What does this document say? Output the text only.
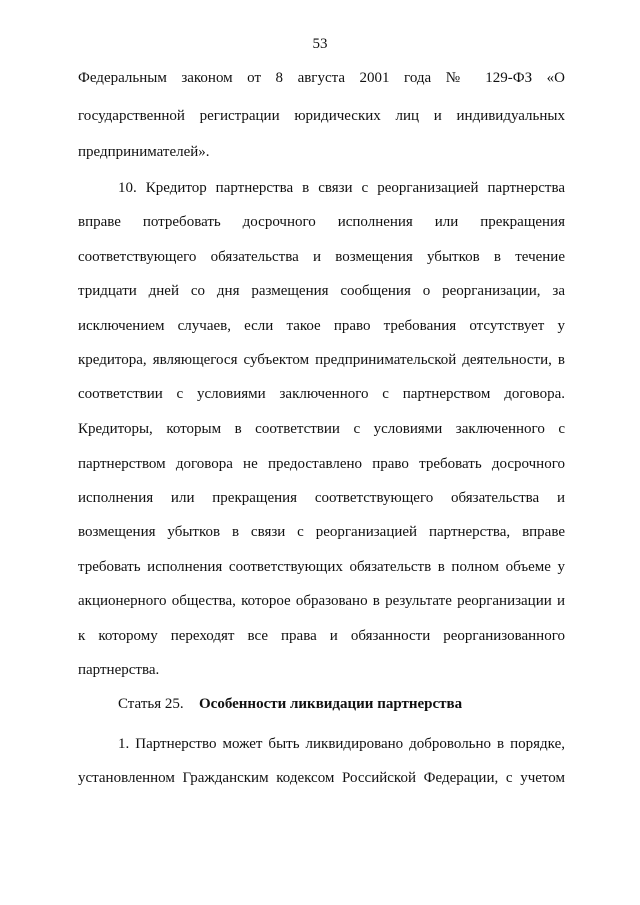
53
Федеральным законом от 8 августа 2001 года № 129-ФЗ «О
государственной регистрации юридических лиц и индивидуальных
предпринимателей».
10. Кредитор партнерства в связи с реорганизацией партнерства
вправе потребовать досрочного исполнения или прекращения
соответствующего обязательства и возмещения убытков в течение
тридцати дней со дня размещения сообщения о реорганизации, за
исключением случаев, если такое право требования отсутствует у
кредитора, являющегося субъектом предпринимательской деятельности, в
соответствии с условиями заключенного с партнерством договора.
Кредиторы, которым в соответствии с условиями заключенного с
партнерством договора не предоставлено право требовать досрочного
исполнения или прекращения соответствующего обязательства и
возмещения убытков в связи с реорганизацией партнерства, вправе
требовать исполнения соответствующих обязательств в полном объеме у
акционерного общества, которое образовано в результате реорганизации и
к которому переходят все права и обязанности реорганизованного
партнерства.
Статья 25. Особенности ликвидации партнерства
1. Партнерство может быть ликвидировано добровольно в порядке,
установленном Гражданским кодексом Российской Федерации, с учетом
